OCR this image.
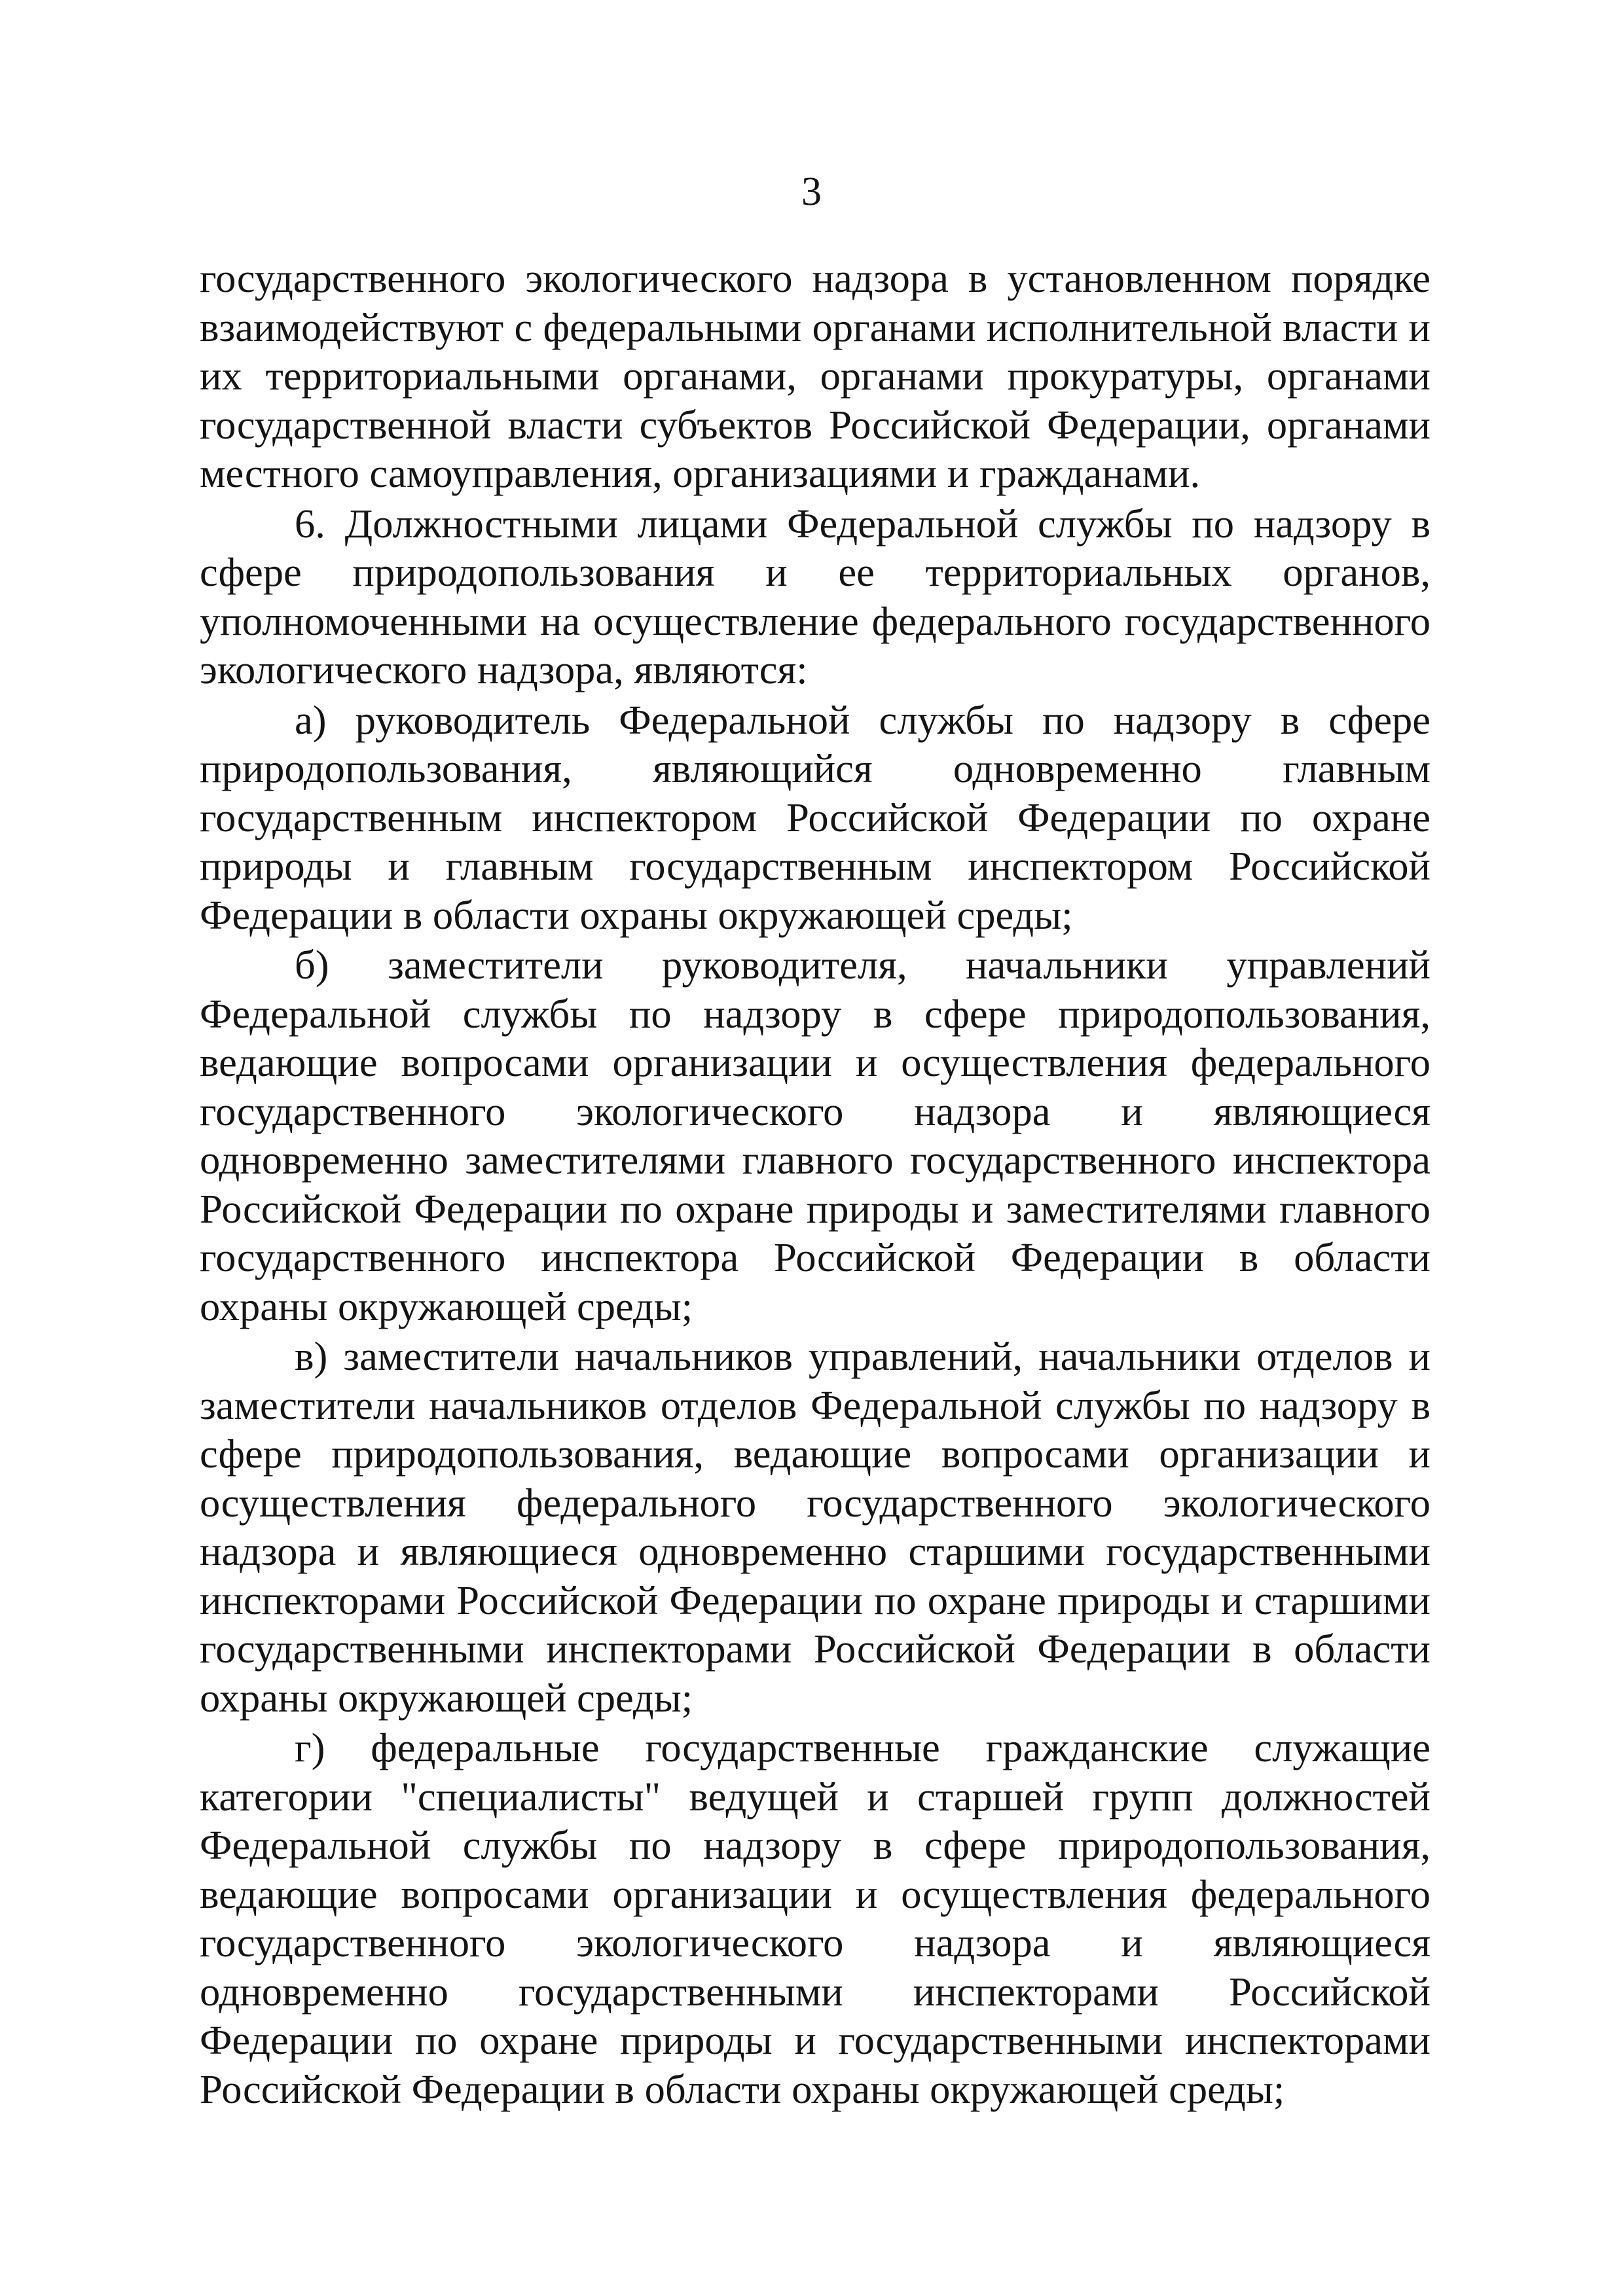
3

государственного экологического надзора в установленном порядке взаимодействуют с федеральными органами исполнительной власти и их территориальными органами, органами прокуратуры, органами государственной власти субъектов Российской Федерации, органами местного самоуправления, организациями и гражданами.

6. Должностными лицами Федеральной службы по надзору в сфере природопользования и ее территориальных органов, уполномоченными на осуществление федерального государственного экологического надзора, являются:

а) руководитель Федеральной службы по надзору в сфере природопользования, являющийся одновременно главным государственным инспектором Российской Федерации по охране природы и главным государственным инспектором Российской Федерации в области охраны окружающей среды;

б) заместители руководителя, начальники управлений Федеральной службы по надзору в сфере природопользования, ведающие вопросами организации и осуществления федерального государственного экологического надзора и являющиеся одновременно заместителями главного государственного инспектора Российской Федерации по охране природы и заместителями главного государственного инспектора Российской Федерации в области охраны окружающей среды;

в) заместители начальников управлений, начальники отделов и заместители начальников отделов Федеральной службы по надзору в сфере природопользования, ведающие вопросами организации и осуществления федерального государственного экологического надзора и являющиеся одновременно старшими государственными инспекторами Российской Федерации по охране природы и старшими государственными инспекторами Российской Федерации в области охраны окружающей среды;

г) федеральные государственные гражданские служащие категории "специалисты" ведущей и старшей групп должностей Федеральной службы по надзору в сфере природопользования, ведающие вопросами организации и осуществления федерального государственного экологического надзора и являющиеся одновременно государственными инспекторами Российской Федерации по охране природы и государственными инспекторами Российской Федерации в области охраны окружающей среды;
